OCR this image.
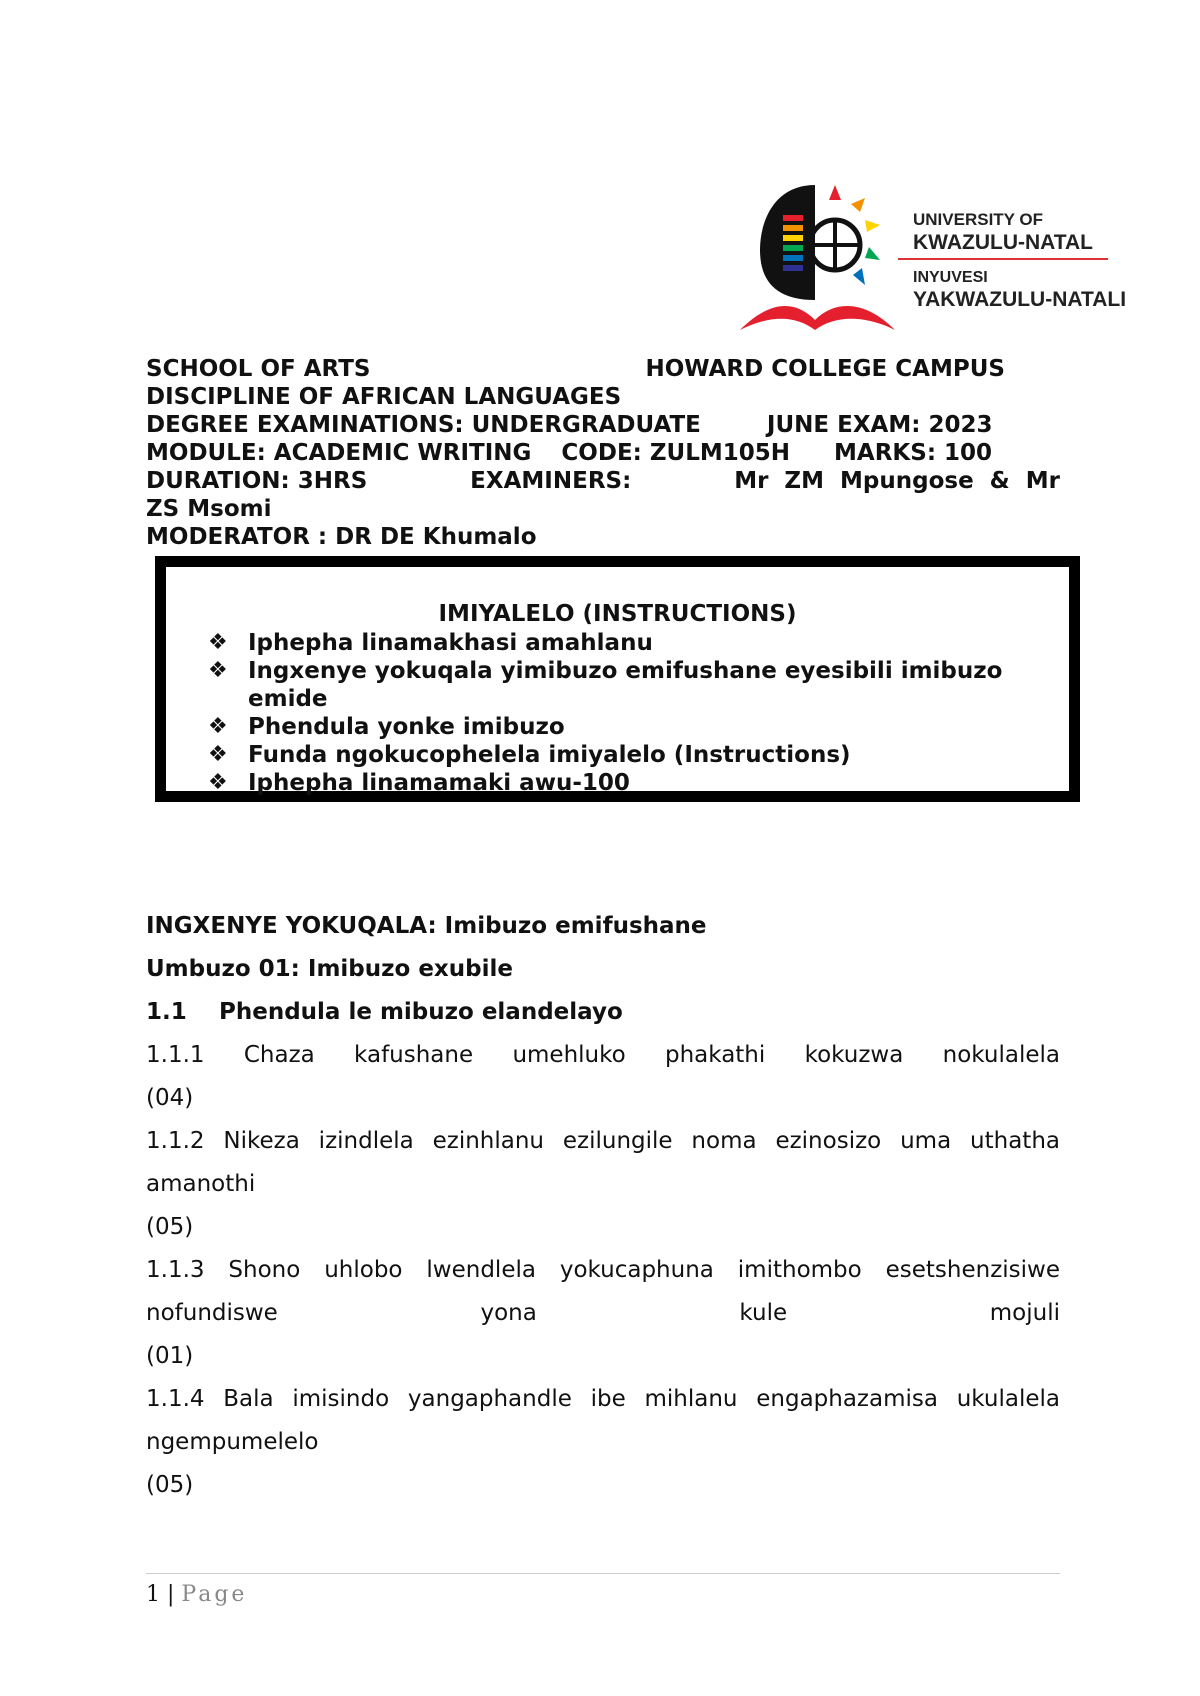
UNIVERSITY OF
KWAZULU-NATAL
INYUVESI
YAKWAZULU-NATALI
SCHOOL OF ARTS	HOWARD COLLEGE CAMPUS
DISCIPLINE OF AFRICAN LANGUAGES
DEGREE EXAMINATIONS: UNDERGRADUATE	JUNE EXAM: 2023
MODULE: ACADEMIC WRITING CODE: ZULM105H MARKS: 100
DURATION: 3HRS	EXAMINERS:	Mr  ZM  Mpungose  &  Mr
ZS Msomi
MODERATOR : DR DE Khumalo
IMIYALELO (INSTRUCTIONS)
❖ Iphepha linamakhasi amahlanu
❖ Ingxenye yokuqala yimibuzo emifushane eyesibili imibuzo emide
❖ Phendula yonke imibuzo
❖ Funda ngokucophelela imiyalelo (Instructions)
❖ Iphepha linamamaki awu-100
INGXENYE YOKUQALA: Imibuzo emifushane
Umbuzo 01: Imibuzo exubile
1.1 Phendula le mibuzo elandelayo
1.1.1  Chaza  kafushane  umehluko  phakathi  kokuzwa  nokulalela
(04)
1.1.2 Nikeza izindlela ezinhlanu ezilungile noma ezinosizo uma uthatha
amanothi
(05)
1.1.3 Shono uhlobo lwendlela yokucaphuna imithombo esetshenzisiwe
nofundiswe yona kule mojuli
(01)
1.1.4 Bala imisindo yangaphandle ibe mihlanu engaphazamisa ukulalela
ngempumelelo
(05)
1 | Page
